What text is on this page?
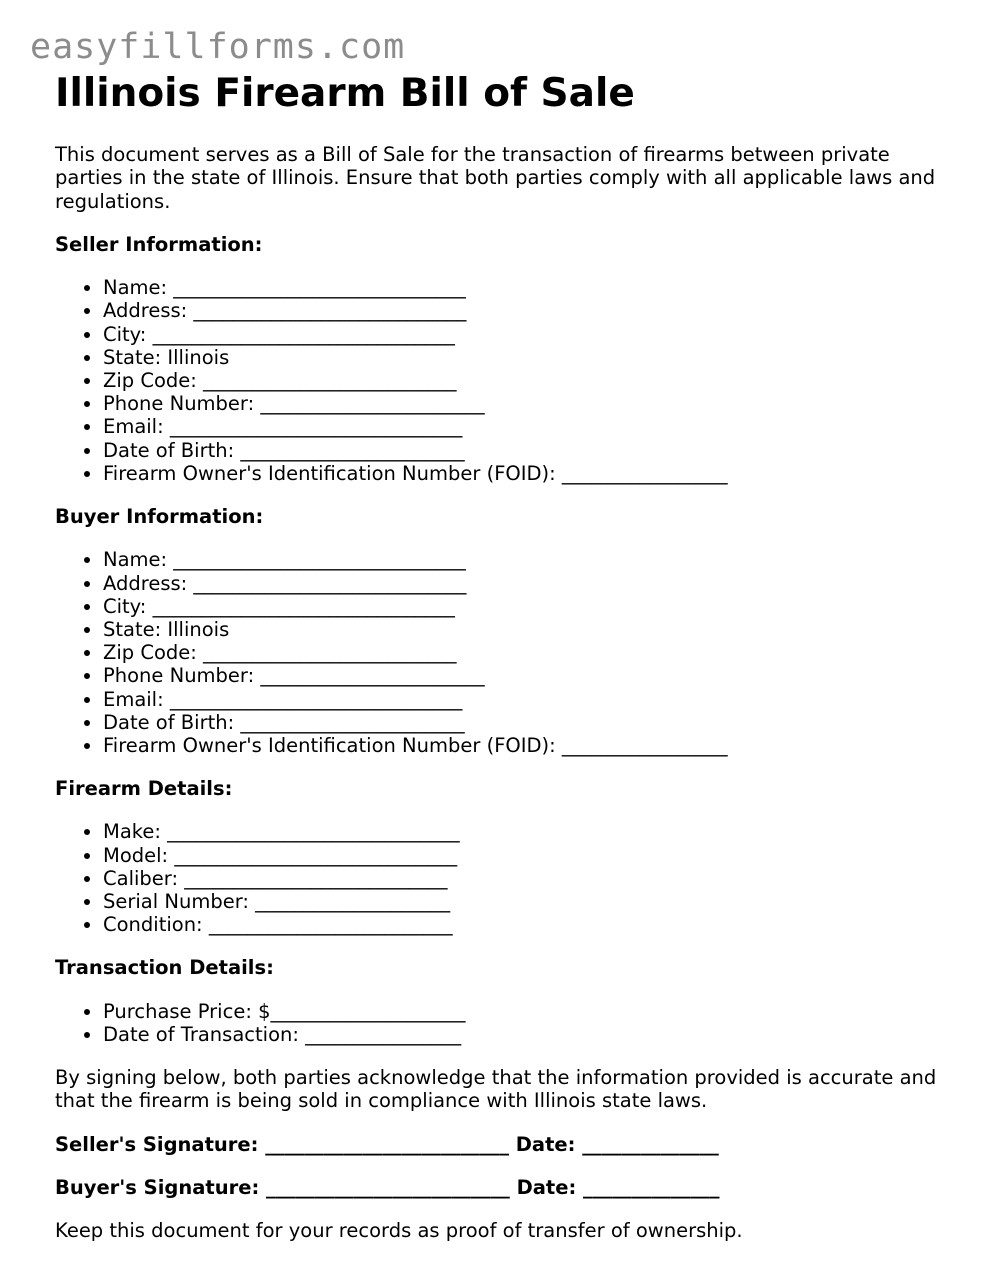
easyfillforms.com
Illinois Firearm Bill of Sale

This document serves as a Bill of Sale for the transaction of firearms between private parties in the state of Illinois. Ensure that both parties comply with all applicable laws and regulations.

Seller Information:

• Name: ______________________________
• Address: ____________________________
• City: _______________________________
• State: Illinois
• Zip Code: __________________________
• Phone Number: _______________________
• Email: ______________________________
• Date of Birth: _______________________
• Firearm Owner's Identification Number (FOID): _________________

Buyer Information:

• Name: ______________________________
• Address: ____________________________
• City: _______________________________
• State: Illinois
• Zip Code: __________________________
• Phone Number: _______________________
• Email: ______________________________
• Date of Birth: _______________________
• Firearm Owner's Identification Number (FOID): _________________

Firearm Details:

• Make: ______________________________
• Model: _____________________________
• Caliber: ___________________________
• Serial Number: ____________________
• Condition: _________________________

Transaction Details:

• Purchase Price: $____________________
• Date of Transaction: ________________

By signing below, both parties acknowledge that the information provided is accurate and that the firearm is being sold in compliance with Illinois state laws.

Seller's Signature: _________________________ Date: ______________

Buyer's Signature: _________________________ Date: ______________

Keep this document for your records as proof of transfer of ownership.
